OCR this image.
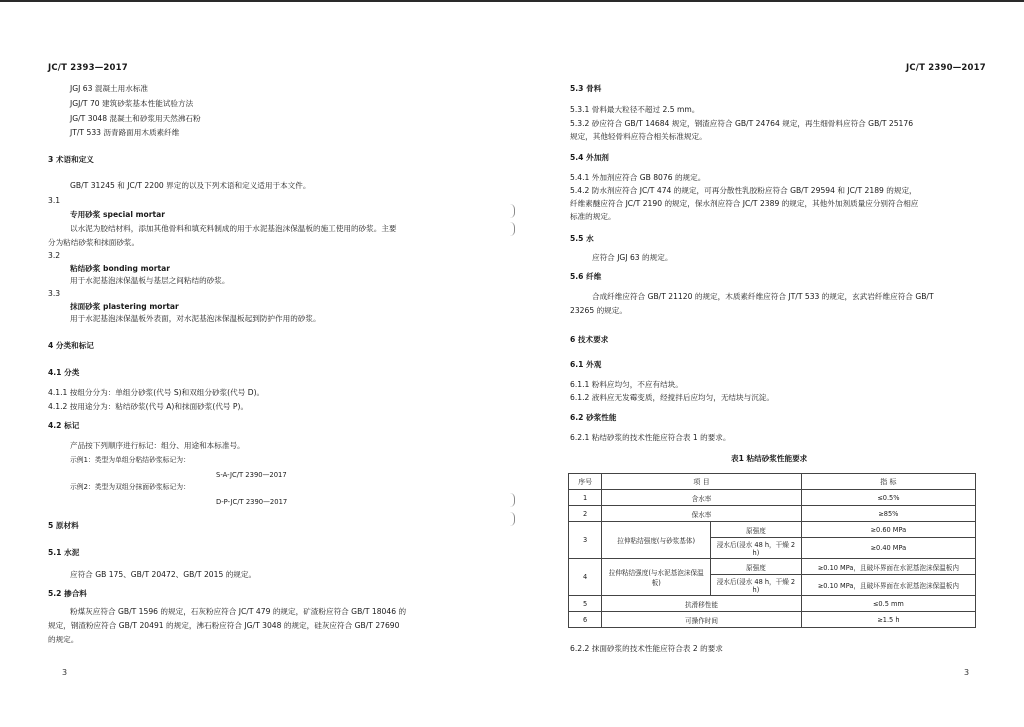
JC/T 2393—2017
JGJ 63 混凝土用水标准
JGJ/T 70 建筑砂浆基本性能试验方法
JG/T 3048 混凝土和砂浆用天然沸石粉
JT/T 533 沥青路面用木质素纤维
3 术语和定义
GB/T 31245 和 JC/T 2200 界定的以及下列术语和定义适用于本文件。
3.1
专用砂浆 special mortar
以水泥为胶结材料，添加其他骨料和填充料制成的用于水泥基泡沫保温板的施工使用的砂浆。主要
分为粘结砂浆和抹面砂浆。
3.2
粘结砂浆 bonding mortar
用于水泥基泡沫保温板与基层之间粘结的砂浆。
3.3
抹面砂浆 plastering mortar
用于水泥基泡沫保温板外表面，对水泥基泡沫保温板起到防护作用的砂浆。
4 分类和标记
4.1 分类
4.1.1 按组分分为：单组分砂浆(代号 S)和双组分砂浆(代号 D)。
4.1.2 按用途分为：粘结砂浆(代号 A)和抹面砂浆(代号 P)。
4.2 标记
产品按下列顺序进行标记：组分、用途和本标准号。
示例1：类型为单组分粘结砂浆标记为：
S-A-JC/T 2390—2017
示例2：类型为双组分抹面砂浆标记为：
D-P-JC/T 2390—2017
5 原材料
5.1 水泥
应符合 GB 175、GB/T 20472、GB/T 2015 的规定。
5.2 掺合料
粉煤灰应符合 GB/T 1596 的规定，石灰粉应符合 JC/T 479 的规定，矿渣粉应符合 GB/T 18046 的
规定，钢渣粉应符合 GB/T 20491 的规定，沸石粉应符合 JG/T 3048 的规定，硅灰应符合 GB/T 27690
的规定。
3
JC/T 2390—2017
5.3 骨料
5.3.1 骨料最大粒径不超过 2.5 mm。
5.3.2 砂应符合 GB/T 14684 规定，钢渣应符合 GB/T 24764 规定，再生细骨料应符合 GB/T 25176
规定，其他轻骨料应符合相关标准规定。
5.4 外加剂
5.4.1 外加剂应符合 GB 8076 的规定。
5.4.2 防水剂应符合 JC/T 474 的规定，可再分散性乳胶粉应符合 GB/T 29594 和 JC/T 2189 的规定，
纤维素醚应符合 JC/T 2190 的规定，保水剂应符合 JC/T 2389 的规定，其他外加剂质量应分别符合相应
标准的规定。
5.5 水
应符合 JGJ 63 的规定。
5.6 纤维
合成纤维应符合 GB/T 21120 的规定，木质素纤维应符合 JT/T 533 的规定，玄武岩纤维应符合 GB/T
23265 的规定。
6 技术要求
6.1 外观
6.1.1 粉料应均匀，不应有结块。
6.1.2 液料应无发霉变质，经搅拌后应均匀，无结块与沉淀。
6.2 砂浆性能
6.2.1 粘结砂浆的技术性能应符合表 1 的要求。
表1 粘结砂浆性能要求
序号	项 目		指 标
1	含水率		≤0.5%
2	保水率		≥85%
3	拉伸粘结强度(与砂浆基体)	原强度	≥0.60 MPa
		浸水后(浸水 48 h，干燥 2 h)	≥0.40 MPa
4	拉伸粘结强度(与水泥基泡沫保温板)	原强度	≥0.10 MPa，且破坏界面在水泥基泡沫保温板内
		浸水后(浸水 48 h，干燥 2 h)	≥0.10 MPa，且破坏界面在水泥基泡沫保温板内
5	抗滑移性能		≤0.5 mm
6	可操作时间		≥1.5 h
6.2.2 抹面砂浆的技术性能应符合表 2 的要求
3
